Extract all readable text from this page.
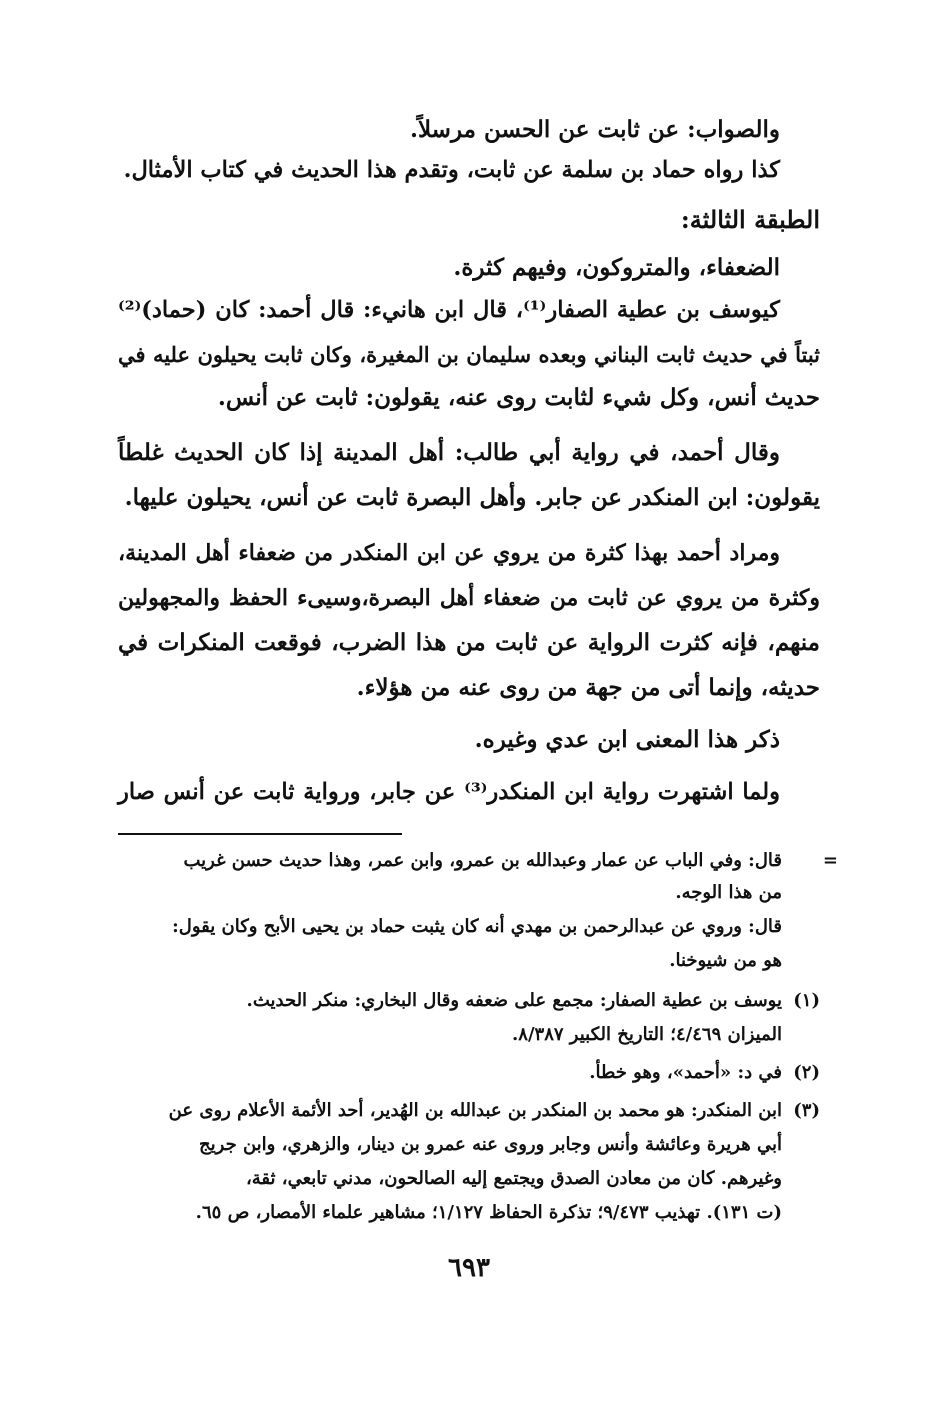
والصواب: عن ثابت عن الحسن مرسلاً.
كذا رواه حماد بن سلمة عن ثابت، وتقدم هذا الحديث في كتاب الأمثال.
الطبقة الثالثة:
الضعفاء، والمتروكون، وفيهم كثرة.
كيوسف بن عطية الصفار⁽¹⁾، قال ابن هانيء: قال أحمد: كان (حماد)⁽²⁾
ثبتاً في حديث ثابت البناني وبعده سليمان بن المغيرة، وكان ثابت يحيلون عليه في
حديث أنس، وكل شيء لثابت روى عنه، يقولون: ثابت عن أنس.
وقال أحمد، في رواية أبي طالب: أهل المدينة إذا كان الحديث غلطاً
يقولون: ابن المنكدر عن جابر. وأهل البصرة ثابت عن أنس، يحيلون عليها.
ومراد أحمد بهذا كثرة من يروي عن ابن المنكدر من ضعفاء أهل المدينة،
وكثرة من يروي عن ثابت من ضعفاء أهل البصرة،وسيىء الحفظ والمجهولين
منهم، فإنه كثرت الرواية عن ثابت من هذا الضرب، فوقعت المنكرات في
حديثه، وإنما أتى من جهة من روى عنه من هؤلاء.
ذكر هذا المعنى ابن عدي وغيره.
ولما اشتهرت رواية ابن المنكدر⁽³⁾ عن جابر، ورواية ثابت عن أنس صار
=
قال: وفي الباب عن عمار وعبدالله بن عمرو، وابن عمر، وهذا حديث حسن غريب
من هذا الوجه.
قال: وروي عن عبدالرحمن بن مهدي أنه كان يثبت حماد بن يحيى الأبح وكان يقول:
هو من شيوخنا.
(١)يوسف بن عطية الصفار: مجمع على ضعفه وقال البخاري: منكر الحديث.
الميزان ٤/٤٦٩؛ التاريخ الكبير ٨/٣٨٧.
(٢)في د: «أحمد»، وهو خطأ.
(٣)ابن المنكدر: هو محمد بن المنكدر بن عبدالله بن الهُدير، أحد الأئمة الأعلام روى عن
أبي هريرة وعائشة وأنس وجابر وروى عنه عمرو بن دينار، والزهري، وابن جريج
وغيرهم. كان من معادن الصدق ويجتمع إليه الصالحون، مدني تابعي، ثقة،
(ت ١٣١). تهذيب ٩/٤٧٣؛ تذكرة الحفاظ ١/١٢٧؛ مشاهير علماء الأمصار، ص ٦٥.
٦٩٣
